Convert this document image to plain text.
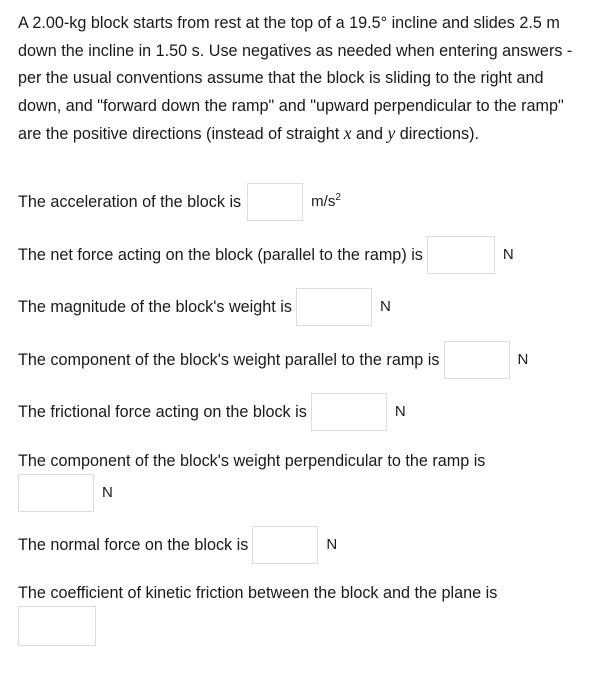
A 2.00-kg block starts from rest at the top of a 19.5° incline and slides 2.5 m down the incline in 1.50 s. Use negatives as needed when entering answers - per the usual conventions assume that the block is sliding to the right and down, and "forward down the ramp" and "upward perpendicular to the ramp" are the positive directions (instead of straight x and y directions).

The acceleration of the block is	$m/s^2$
The net force acting on the block (parallel to the ramp) is	N
The magnitude of the block's weight is	N
The component of the block's weight parallel to the ramp is	N
The frictional force acting on the block is	N
The component of the block's weight perpendicular to the ramp is
N
The normal force on the block is	N
The coefficient of kinetic friction between the block and the plane is
